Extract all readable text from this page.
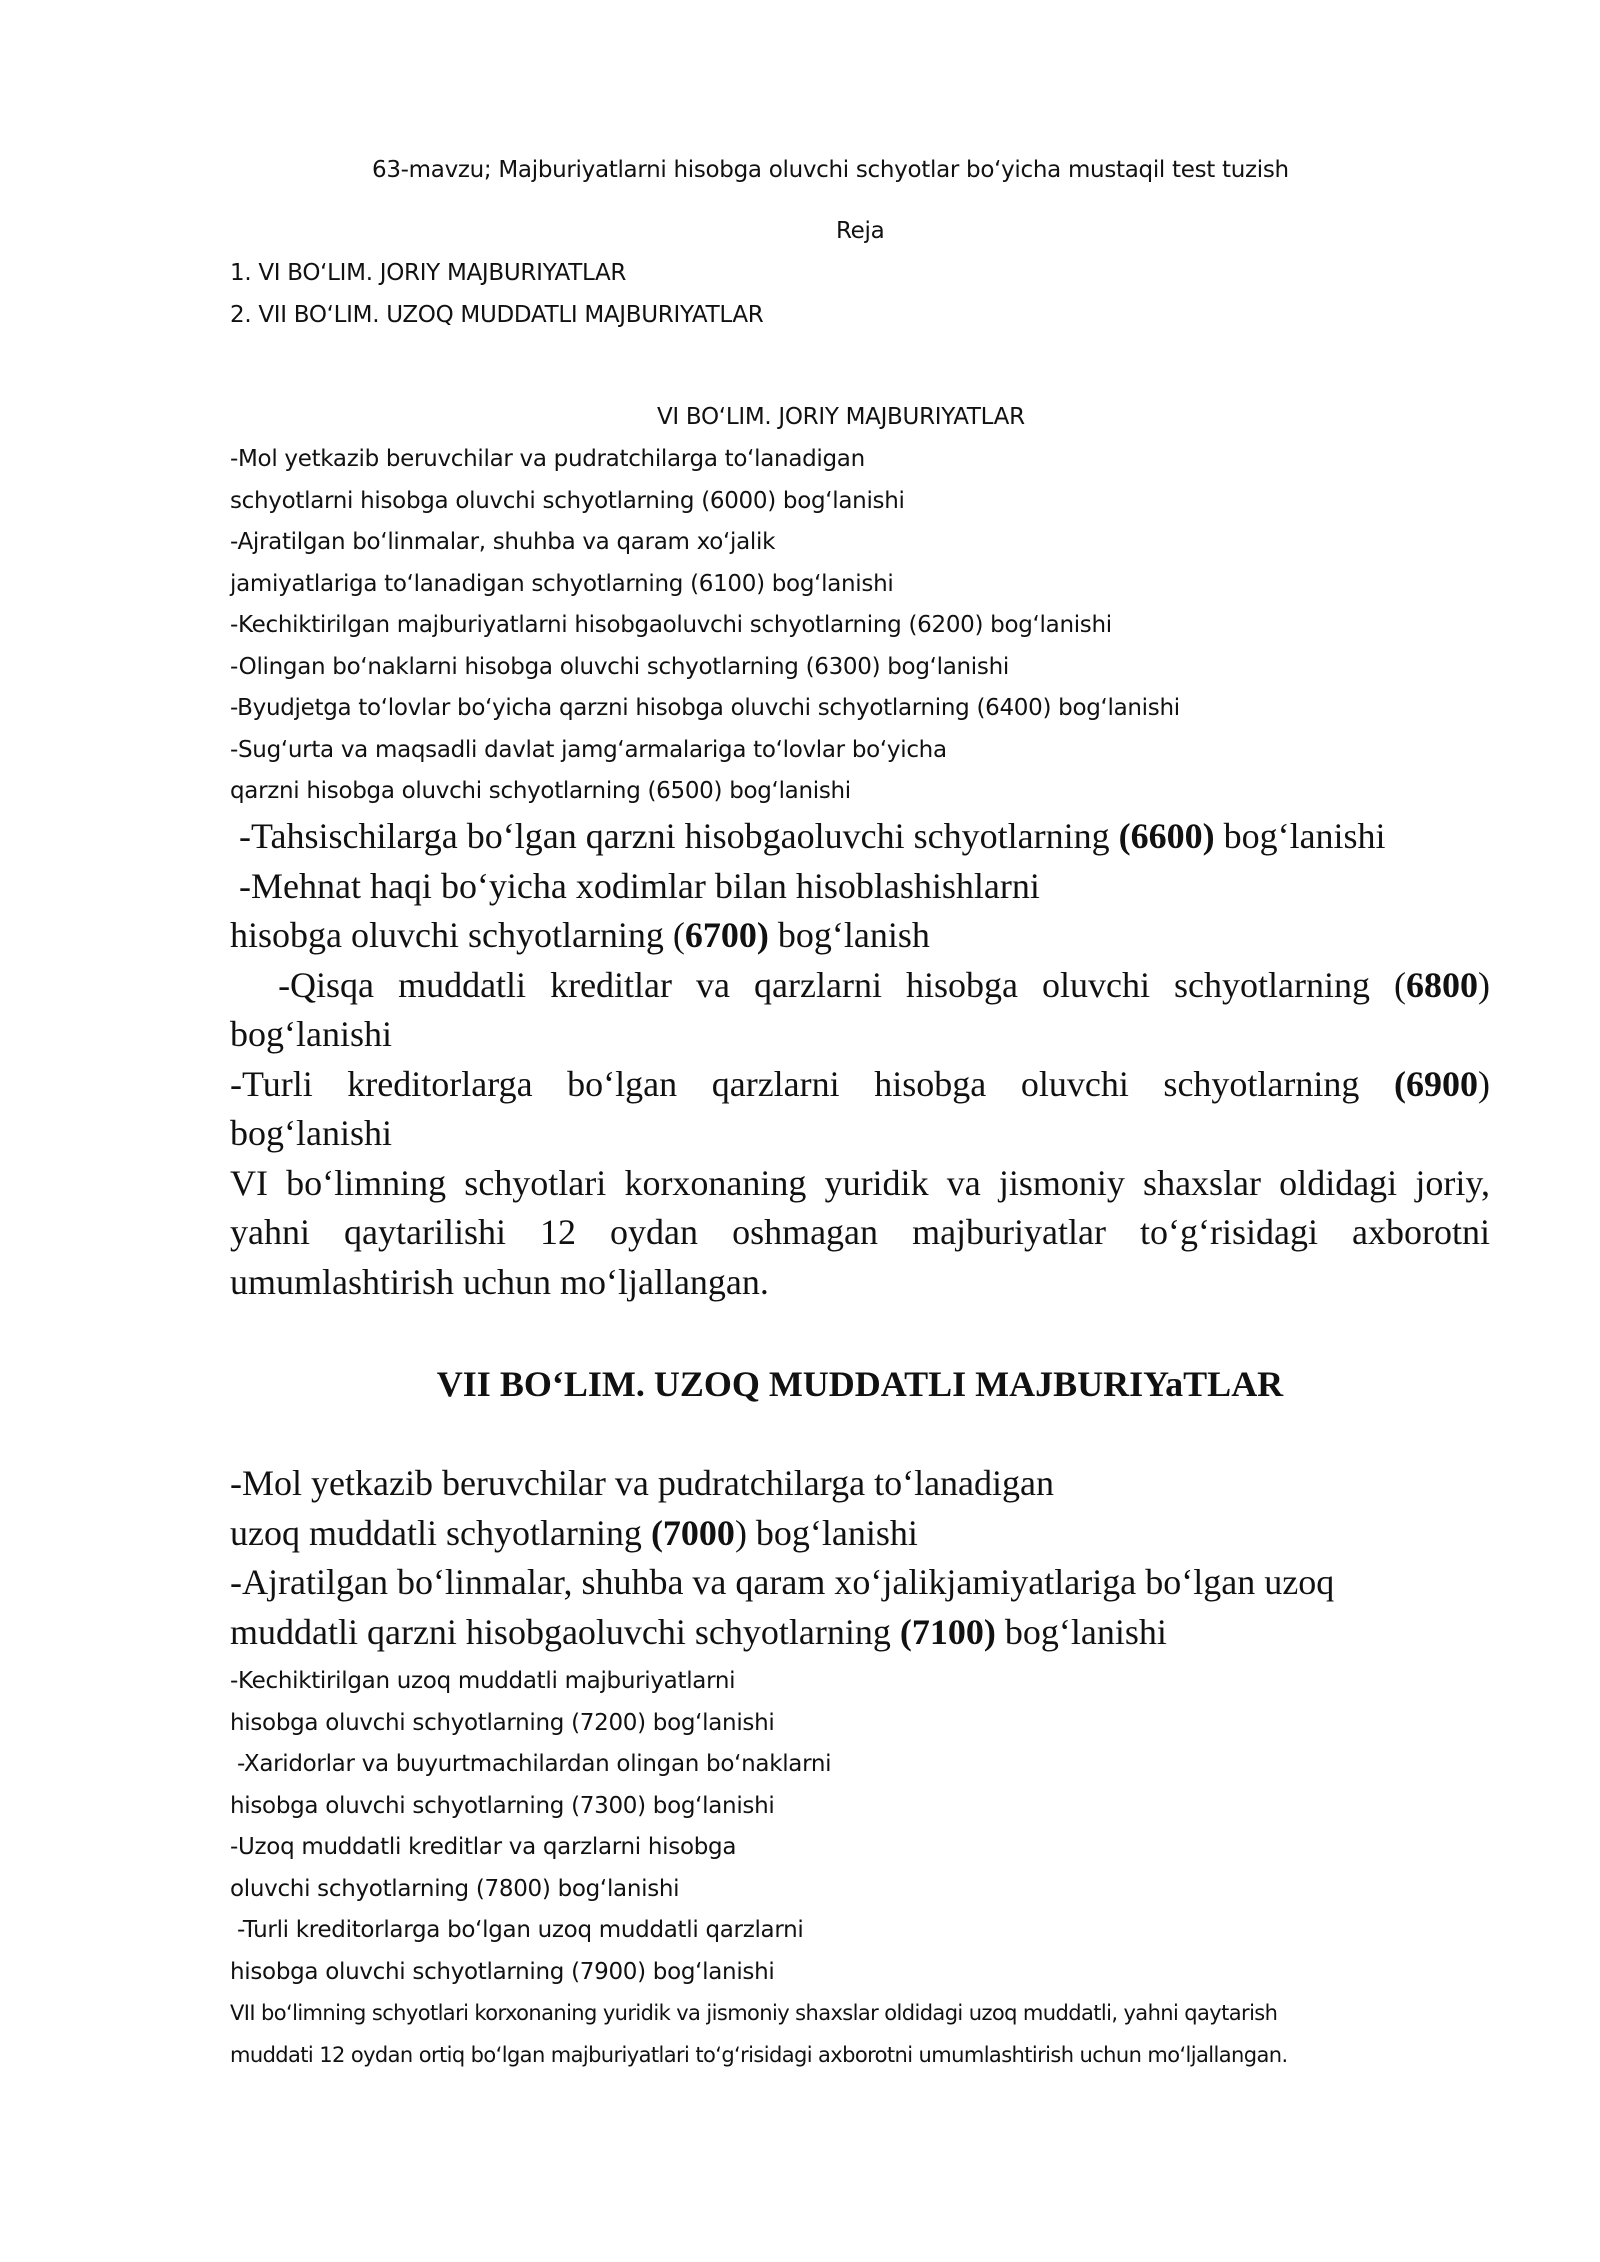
63-mavzu; Majburiyatlarni hisobga oluvchi schyotlar bo‘yicha mustaqil test tuzish
Reja
1. VI BO‘LIM. JORIY MAJBURIYATLAR
2. VII BO‘LIM. UZOQ MUDDATLI MAJBURIYATLAR
VI BO‘LIM. JORIY MAJBURIYATLAR
-Mol yetkazib beruvchilar va pudratchilarga to‘lanadigan
schyotlarni hisobga oluvchi schyotlarning (6000) bog‘lanishi
-Ajratilgan bo‘linmalar, shuhba va qaram xo‘jalik
jamiyatlariga to‘lanadigan schyotlarning (6100) bog‘lanishi
-Kechiktirilgan majburiyatlarni hisobgaoluvchi schyotlarning (6200) bog‘lanishi
-Olingan bo‘naklarni hisobga oluvchi schyotlarning (6300) bog‘lanishi
-Byudjetga to‘lovlar bo‘yicha qarzni hisobga oluvchi schyotlarning (6400) bog‘lanishi
-Sug‘urta va maqsadli davlat jamg‘armalariga to‘lovlar bo‘yicha
qarzni hisobga oluvchi schyotlarning (6500) bog‘lanishi
-Tahsischilarga bo‘lgan qarzni hisobgaoluvchi schyotlarning (6600) bog‘lanishi
-Mehnat haqi bo‘yicha xodimlar bilan hisoblashishlarni
hisobga oluvchi schyotlarning (6700) bog‘lanish
-Qisqa muddatli kreditlar va qarzlarni hisobga oluvchi schyotlarning (6800)
bog‘lanishi
-Turli kreditorlarga bo‘lgan qarzlarni hisobga oluvchi schyotlarning (6900)
bog‘lanishi
VI bo‘limning schyotlari korxonaning yuridik va jismoniy shaxslar oldidagi joriy,
yahni qaytarilishi 12 oydan oshmagan majburiyatlar to‘g‘risidagi axborotni
umumlashtirish uchun mo‘ljallangan.
VII BO‘LIM. UZOQ MUDDATLI MAJBURIYaTLAR
-Mol yetkazib beruvchilar va pudratchilarga to‘lanadigan
uzoq muddatli schyotlarning (7000) bog‘lanishi
-Ajratilgan bo‘linmalar, shuhba va qaram xo‘jalikjamiyatlariga bo‘lgan uzoq
muddatli qarzni hisobgaoluvchi schyotlarning (7100) bog‘lanishi
-Kechiktirilgan uzoq muddatli majburiyatlarni
hisobga oluvchi schyotlarning (7200) bog‘lanishi
-Xaridorlar va buyurtmachilardan olingan bo‘naklarni
hisobga oluvchi schyotlarning (7300) bog‘lanishi
-Uzoq muddatli kreditlar va qarzlarni hisobga
oluvchi schyotlarning (7800) bog‘lanishi
-Turli kreditorlarga bo‘lgan uzoq muddatli qarzlarni
hisobga oluvchi schyotlarning (7900) bog‘lanishi
VII bo‘limning schyotlari korxonaning yuridik va jismoniy shaxslar oldidagi uzoq muddatli, yahni qaytarish
muddati 12 oydan ortiq bo‘lgan majburiyatlari to‘g‘risidagi axborotni umumlashtirish uchun mo‘ljallangan.
